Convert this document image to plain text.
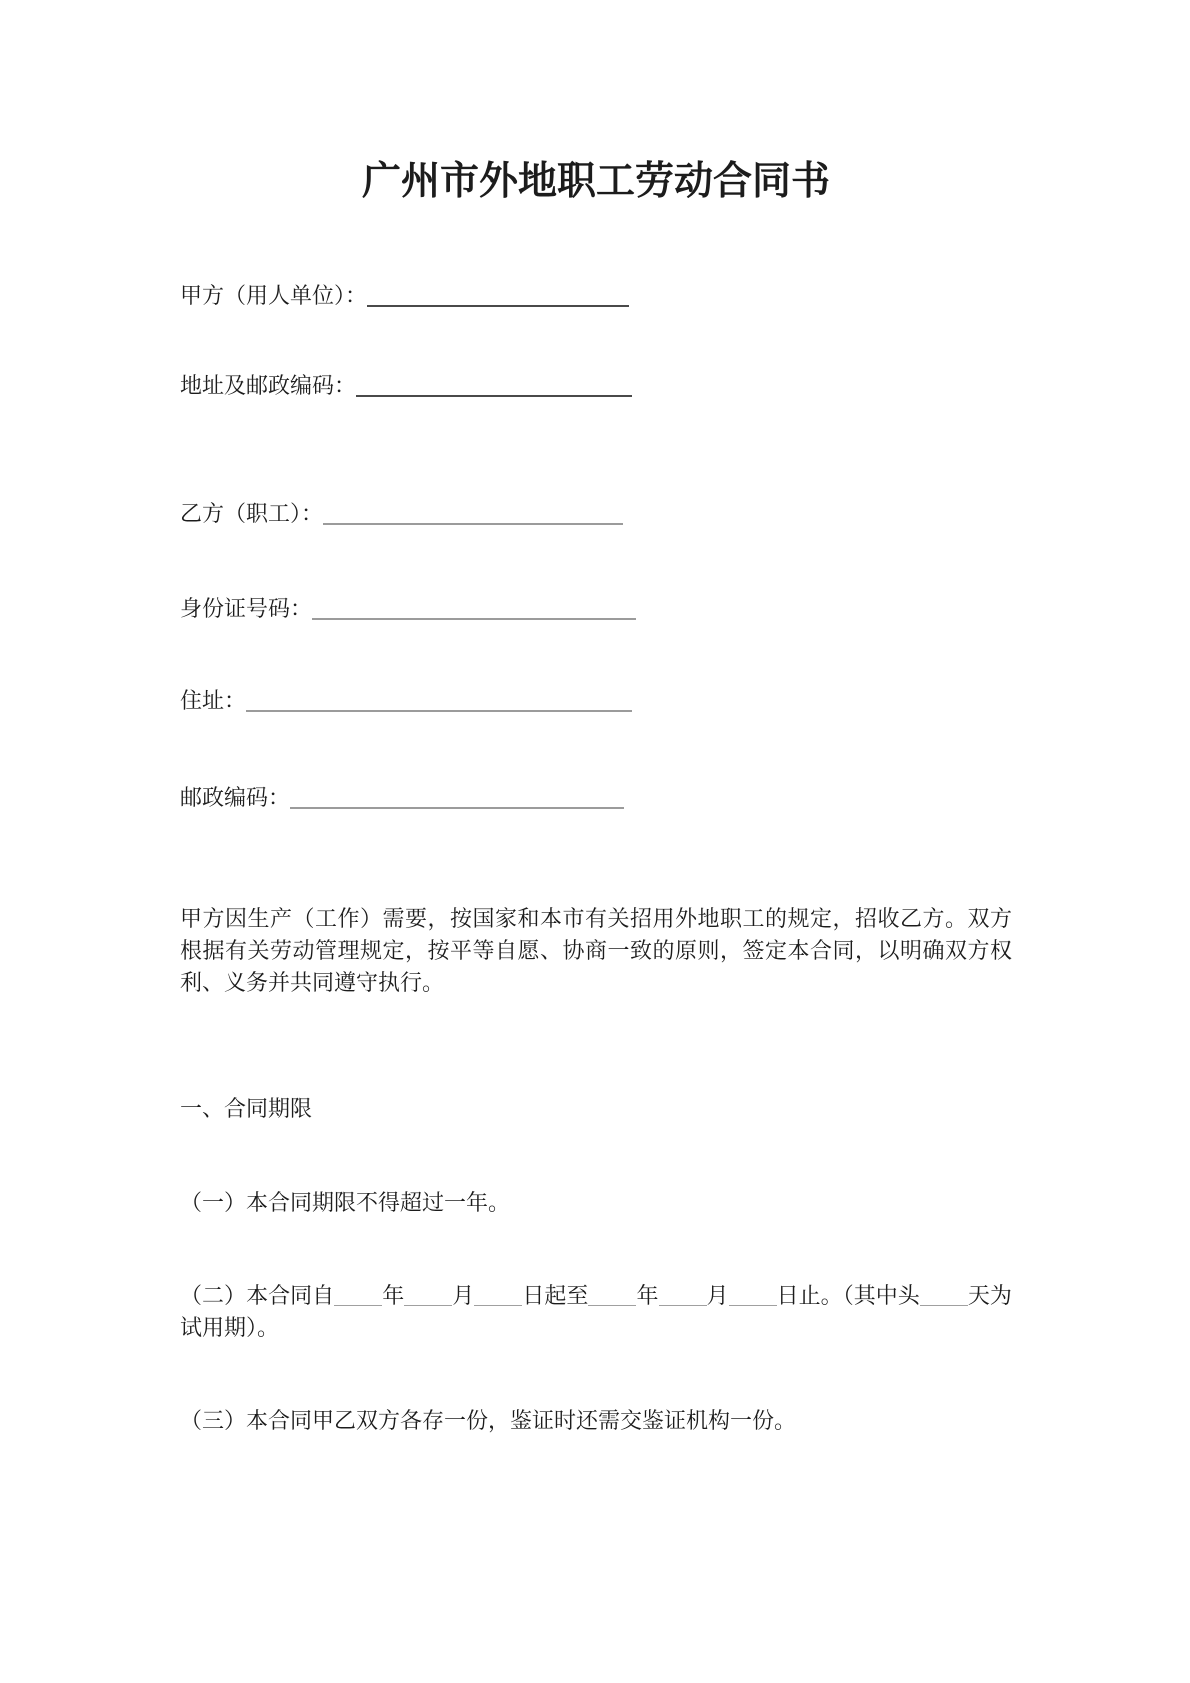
广州市外地职工劳动合同书
甲方（用人单位）：
地址及邮政编码：
乙方（职工）：
身份证号码：
住址：
邮政编码：

甲方因生产（工作）需要，按国家和本市有关招用外地职工的规定，招收乙方。双方根据有关劳动管理规定，按平等自愿、协商一致的原则，签定本合同，以明确双方权利、义务并共同遵守执行。

一、合同期限

（一）本合同期限不得超过一年。

（二）本合同自 年 月 日起至 年 月 日止。（其中头 天为试用期）。

（三）本合同甲乙双方各存一份，鉴证时还需交鉴证机构一份。
